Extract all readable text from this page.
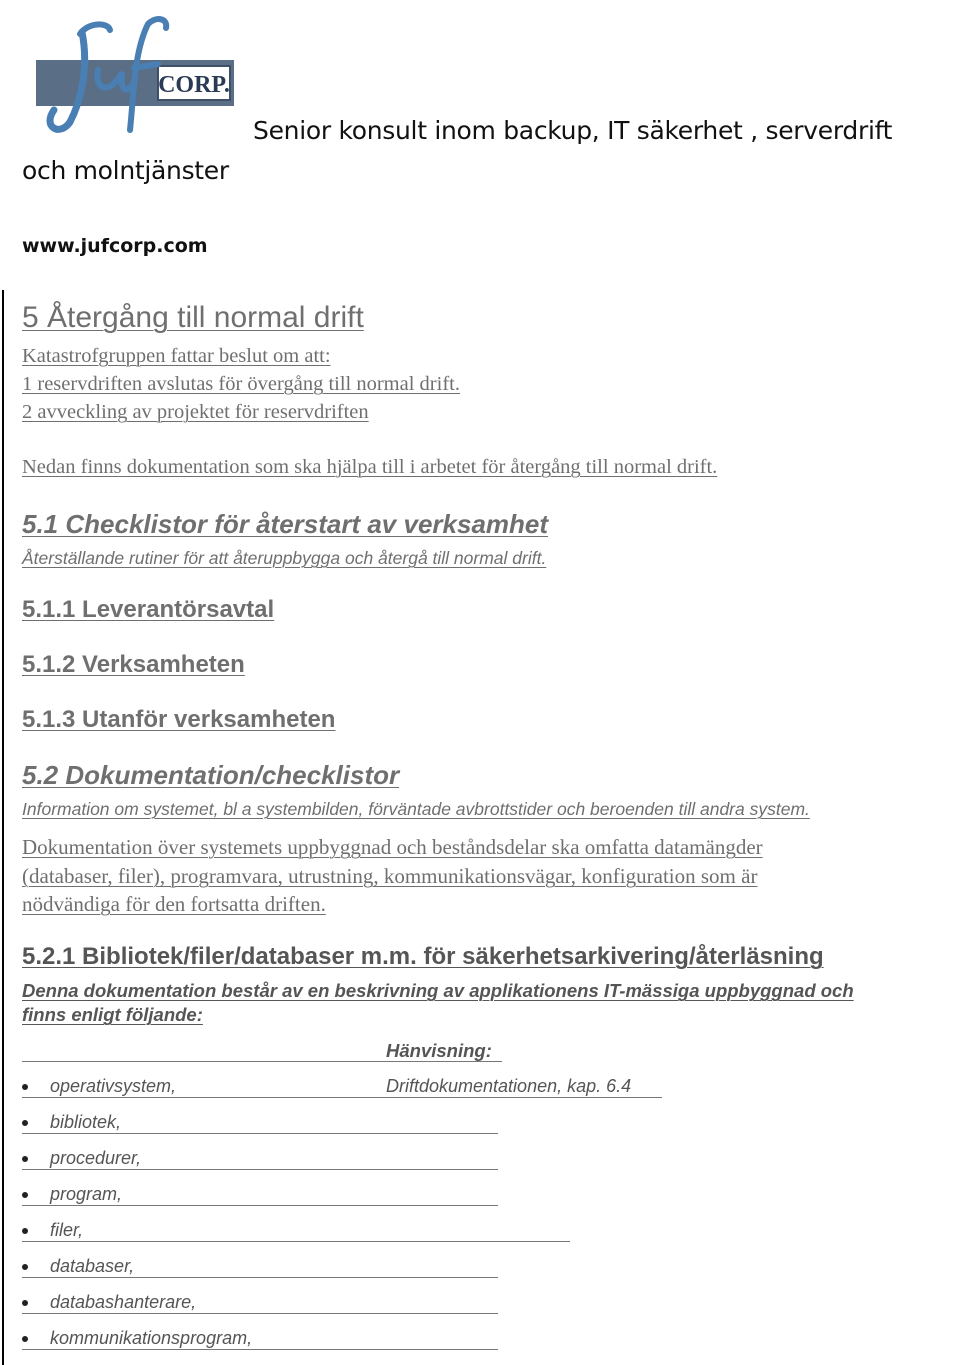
CORP.
Senior konsult inom backup, IT säkerhet , serverdrift
och molntjänster
www.jufcorp.com
5 Återgång till normal drift
Katastrofgruppen fattar beslut om att:
1 reservdriften avslutas för övergång till normal drift.
2 avveckling av projektet för reservdriften
Nedan finns dokumentation som ska hjälpa till i arbetet för återgång till normal drift.
5.1 Checklistor för återstart av verksamhet
Återställande rutiner för att återuppbygga och återgå till normal drift.
5.1.1 Leverantörsavtal
5.1.2 Verksamheten
5.1.3 Utanför verksamheten
5.2 Dokumentation/checklistor
Information om systemet, bl a systembilden, förväntade avbrottstider och beroenden till andra system.
Dokumentation över systemets uppbyggnad och beståndsdelar ska omfatta datamängder
(databaser, filer), programvara, utrustning, kommunikationsvägar, konfiguration som är
nödvändiga för den fortsatta driften.
5.2.1 Bibliotek/filer/databaser m.m. för säkerhetsarkivering/återläsning
Denna dokumentation består av en beskrivning av applikationens IT-mässiga uppbyggnad och
finns enligt följande:
Hänvisning:
operativsystem,	Driftdokumentationen, kap. 6.4
bibliotek,
procedurer,
program,
filer,
databaser,
databashanterare,
kommunikationsprogram,
